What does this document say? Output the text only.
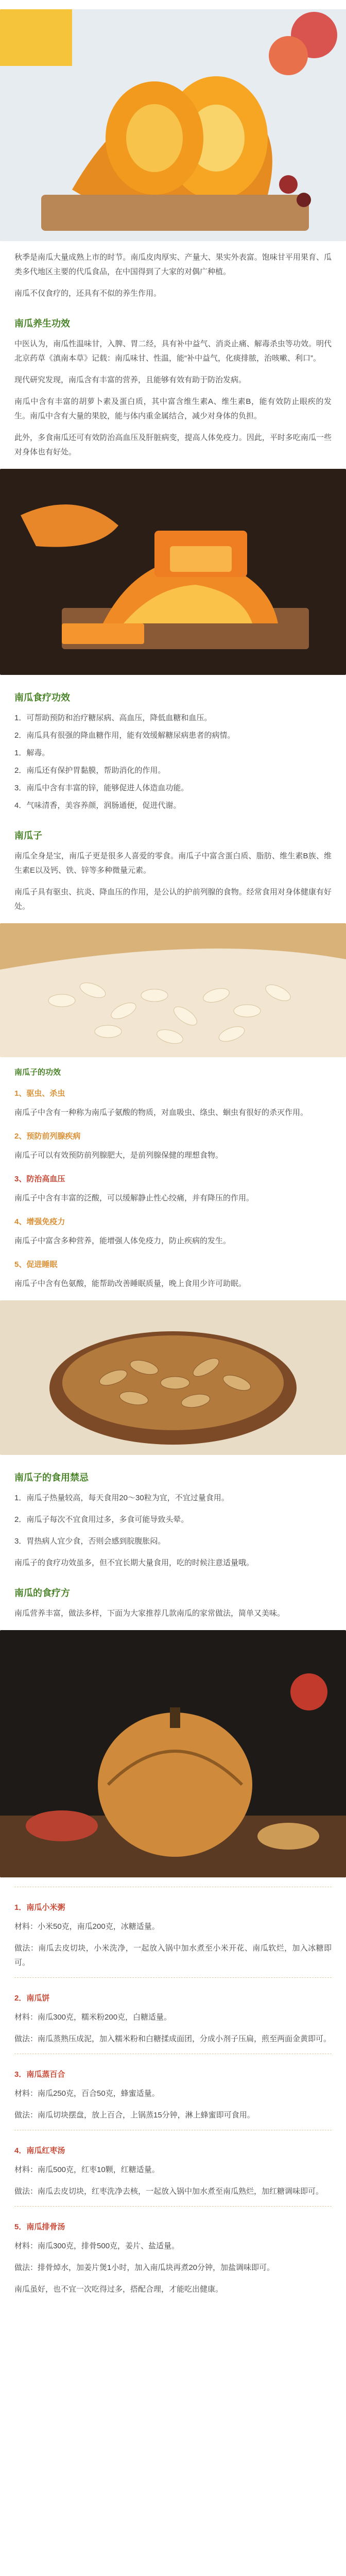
秋季是南瓜大量成熟上市的时节。南瓜皮肉厚实、产量大、果实外表富。饱味甘平用果育、瓜类多代地区主要的代瓜食品，在中国得到了大家的对偶广种植。

南瓜不仅食疗的，还具有不似的养生作用。

南瓜养生功效

中医认为，南瓜性温味甘，入脾、胃二经，具有补中益气、消炎止痛、解毒杀虫等功效。明代北京药草《滇南本草》记载：南瓜味甘、性温，能“补中益气，化痰排脓，治咳嗽、利口”。

现代研究发现，南瓜含有丰富的营养，且能够有效有助于防治发病。

南瓜中含有丰富的胡萝卜素及蛋白质，其中富含维生素A、维生素B，能有效防止眼疾的发生。南瓜中含有大量的果胶，能与体内重金属结合，减少对身体的负担。

此外，多食南瓜还可有效防治高血压及肝脏病变，提高人体免疫力。因此，平时多吃南瓜一些对身体也有好处。

南瓜食疗功效

1．可帮助预防和治疗糖尿病、高血压，降低血糖和血压。

2．南瓜具有很强的降血糖作用，能有效缓解糖尿病患者的病情。

1．解毒。

2．南瓜还有保护胃黏膜，帮助消化的作用。

3．南瓜中含有丰富的锌，能够促进人体造血功能。

4．气味清香，美容养颜，润肠通便，促进代谢。

南瓜子

南瓜全身是宝，南瓜子更是很多人喜爱的零食。南瓜子中富含蛋白质、脂肪、维生素B族、维生素E以及钙、铁、锌等多种微量元素。

南瓜子具有驱虫、抗炎、降血压的作用，是公认的护前列腺的食物。经常食用对身体健康有好处。

南瓜子的功效
1、驱虫、杀虫

南瓜子中含有一种称为南瓜子氨酸的物质，对血吸虫、绦虫、蛔虫有很好的杀灭作用。

2、预防前列腺疾病

南瓜子可以有效预防前列腺肥大，是前列腺保健的理想食物。

3、防治高血压

南瓜子中含有丰富的泛酸，可以缓解静止性心绞痛，并有降压的作用。

4、增强免疫力

南瓜子中富含多种营养，能增强人体免疫力，防止疾病的发生。

5、促进睡眠

南瓜子中含有色氨酸，能帮助改善睡眠质量，晚上食用少许可助眠。

南瓜子的食用禁忌

1．南瓜子热量较高，每天食用20～30粒为宜，不宜过量食用。

2．南瓜子每次不宜食用过多，多食可能导致头晕。

3．胃热病人宜少食，否则会感到脘腹胀闷。

南瓜子的食疗功效虽多，但不宜长期大量食用，吃的时候注意适量哦。

南瓜的食疗方

南瓜营养丰富，做法多样，下面为大家推荐几款南瓜的家常做法，简单又美味。

1．南瓜小米粥

材料：小米50克，南瓜200克，冰糖适量。

做法：南瓜去皮切块，小米洗净，一起放入锅中加水煮至小米开花、南瓜软烂，加入冰糖即可。

2．南瓜饼

材料：南瓜300克，糯米粉200克，白糖适量。

做法：南瓜蒸熟压成泥，加入糯米粉和白糖揉成面团，分成小剂子压扁，煎至两面金黄即可。

3．南瓜蒸百合

材料：南瓜250克，百合50克，蜂蜜适量。

做法：南瓜切块摆盘，放上百合，上锅蒸15分钟，淋上蜂蜜即可食用。

4．南瓜红枣汤

材料：南瓜500克，红枣10颗，红糖适量。

做法：南瓜去皮切块，红枣洗净去核，一起放入锅中加水煮至南瓜熟烂，加红糖调味即可。

5．南瓜排骨汤

材料：南瓜300克，排骨500克，姜片、盐适量。

做法：排骨焯水，加姜片煲1小时，加入南瓜块再煮20分钟，加盐调味即可。

南瓜虽好，也不宜一次吃得过多，搭配合理，才能吃出健康。
